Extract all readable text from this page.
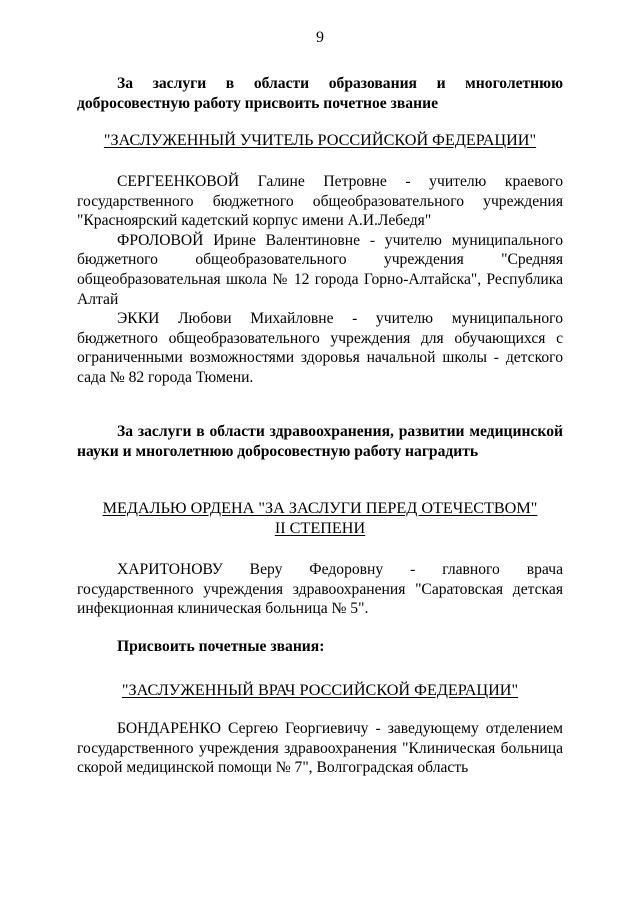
9

За заслуги в области образования и многолетнюю добросовестную работу присвоить почетное звание

"ЗАСЛУЖЕННЫЙ УЧИТЕЛЬ РОССИЙСКОЙ ФЕДЕРАЦИИ"

СЕРГЕЕНКОВОЙ Галине Петровне - учителю краевого государственного бюджетного общеобразовательного учреждения "Красноярский кадетский корпус имени А.И.Лебедя"

ФРОЛОВОЙ Ирине Валентиновне - учителю муниципального бюджетного общеобразовательного учреждения "Средняя общеобразовательная школа № 12 города Горно-Алтайска", Республика Алтай

ЭККИ Любови Михайловне - учителю муниципального бюджетного общеобразовательного учреждения для обучающихся с ограниченными возможностями здоровья начальной школы - детского сада № 82 города Тюмени.

За заслуги в области здравоохранения, развитии медицинской науки и многолетнюю добросовестную работу наградить

МЕДАЛЬЮ ОРДЕНА "ЗА ЗАСЛУГИ ПЕРЕД ОТЕЧЕСТВОМ"

II СТЕПЕНИ

ХАРИТОНОВУ Веру Федоровну - главного врача государственного учреждения здравоохранения "Саратовская детская инфекционная клиническая больница № 5".

Присвоить почетные звания:

"ЗАСЛУЖЕННЫЙ ВРАЧ РОССИЙСКОЙ ФЕДЕРАЦИИ"

БОНДАРЕНКО Сергею Георгиевичу - заведующему отделением государственного учреждения здравоохранения "Клиническая больница скорой медицинской помощи № 7", Волгоградская область
